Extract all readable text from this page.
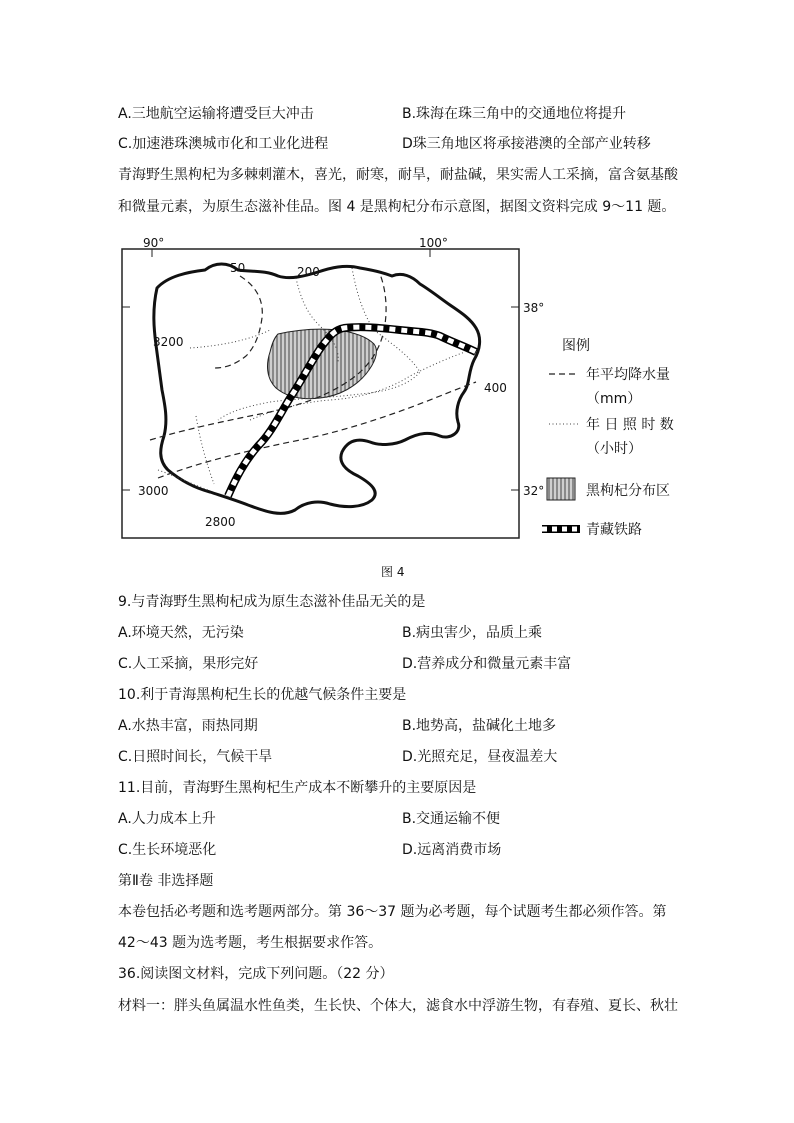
A.三地航空运输将遭受巨大冲击	B.珠海在珠三角中的交通地位将提升
C.加速港珠澳城市化和工业化进程	D珠三角地区将承接港澳的全部产业转移
青海野生黑枸杞为多棘刺灌木，喜光，耐寒，耐旱，耐盐碱，果实需人工采摘，富含氨基酸
和微量元素，为原生态滋补佳品。图 4 是黑枸杞分布示意图，据图文资料完成 9～11 题。
90°	100°
38°
32°
50	200
3200
400
3000
2800
图例
年平均降水量
（mm）
年 日 照 时 数
（小时）
黑枸杞分布区
青藏铁路
图 4
9.与青海野生黑枸杞成为原生态滋补佳品无关的是
A.环境天然，无污染	B.病虫害少，品质上乘
C.人工采摘，果形完好	D.营养成分和微量元素丰富
10.利于青海黑枸杞生长的优越气候条件主要是
A.水热丰富，雨热同期	B.地势高，盐碱化土地多
C.日照时间长，气候干旱	D.光照充足，昼夜温差大
11.目前，青海野生黑枸杞生产成本不断攀升的主要原因是
A.人力成本上升	B.交通运输不便
C.生长环境恶化	D.远离消费市场
第Ⅱ卷 非选择题
本卷包括必考题和选考题两部分。第 36～37 题为必考题，每个试题考生都必须作答。第
42～43 题为选考题，考生根据要求作答。
36.阅读图文材料，完成下列问题。（22 分）
材料一：胖头鱼属温水性鱼类，生长快、个体大，滤食水中浮游生物，有春殖、夏长、秋壮
